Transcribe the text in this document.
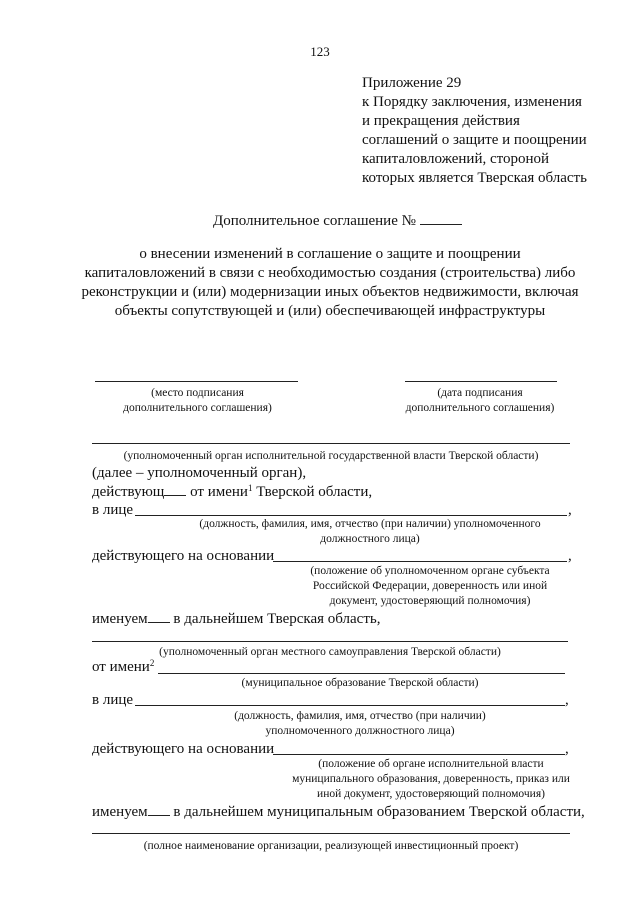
123
Приложение 29
к Порядку заключения, изменения
и прекращения действия
соглашений о защите и поощрении
капиталовложений, стороной
которых является Тверская область
Дополнительное соглашение №
о внесении изменений в соглашение о защите и поощрении
капиталовложений в связи с необходимостью создания (строительства) либо
реконструкции и (или) модернизации иных объектов недвижимости, включая
объекты сопутствующей и (или) обеспечивающей инфраструктуры
(место подписания
дополнительного соглашения)
(дата подписания
дополнительного соглашения)
(уполномоченный орган исполнительной государственной власти Тверской области)
(далее – уполномоченный орган),
действующ от имени$^1$ Тверской области,
в лице	,
(должность, фамилия, имя, отчество (при наличии) уполномоченного
должностного лица)
действующего на основании	,
(положение об уполномоченном органе субъекта
Российской Федерации, доверенность или иной
документ, удостоверяющий полномочия)
именуем в дальнейшем Тверская область,
(уполномоченный орган местного самоуправления Тверской области)
от имени$^2$
(муниципальное образование Тверской области)
в лице	,
(должность, фамилия, имя, отчество (при наличии)
уполномоченного должностного лица)
действующего на основании	,
(положение об органе исполнительной власти
муниципального образования, доверенность, приказ или
иной документ, удостоверяющий полномочия)
именуем в дальнейшем муниципальным образованием Тверской области,
(полное наименование организации, реализующей инвестиционный проект)
